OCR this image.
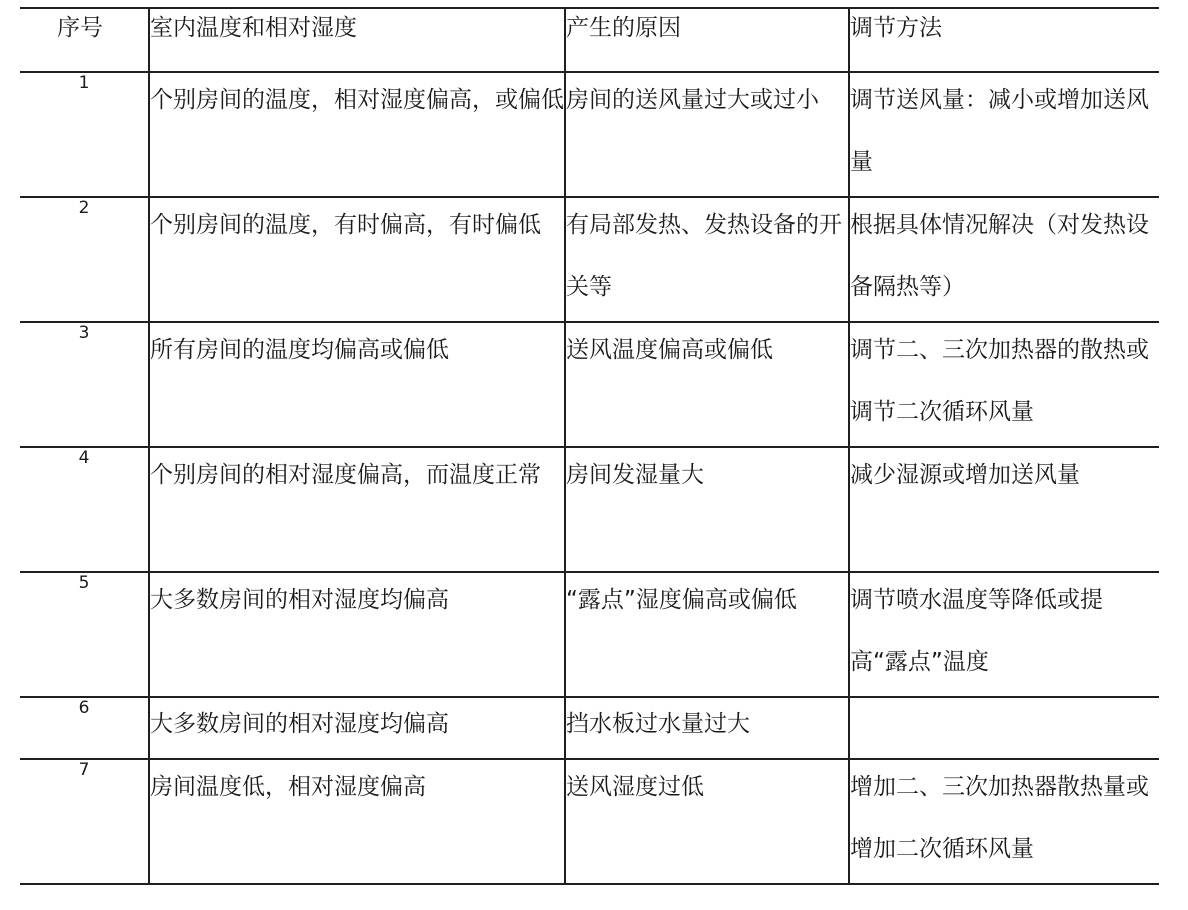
序号	室内温度和相对湿度	产生的原因	调节方法
1	个别房间的温度，相对湿度偏高，或偏低	房间的送风量过大或过小	调节送风量：减小或增加送风量

2	个别房间的温度，有时偏高，有时偏低	有局部发热、发热设备的开关等	根据具体情况解决（对发热设备隔热等）

3	所有房间的温度均偏高或偏低	送风温度偏高或偏低	调节二、三次加热器的散热或调节二次循环风量

4	个别房间的相对湿度偏高，而温度正常	房间发湿量大	减少湿源或增加送风量

5	大多数房间的相对湿度均偏高	“露点”湿度偏高或偏低	调节喷水温度等降低或提高“露点”温度

6	大多数房间的相对湿度均偏高	挡水板过水量过大	

7	房间温度低，相对湿度偏高	送风湿度过低	增加二、三次加热器散热量或增加二次循环风量
